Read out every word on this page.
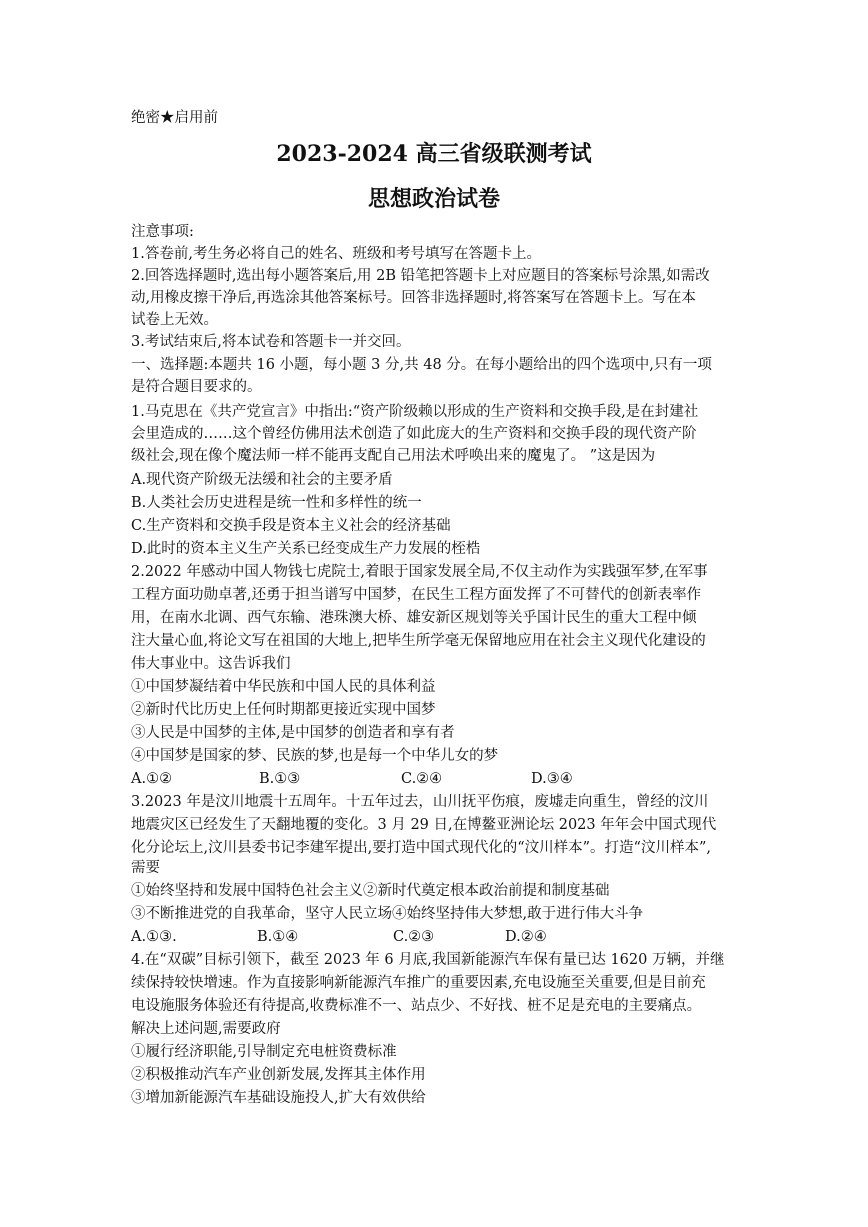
绝密★启用前
2023-2024 高三省级联测考试
思想政治试卷
注意事项:
1.答卷前,考生务必将自己的姓名、班级和考号填写在答题卡上。
2.回答选择题时,选出每小题答案后,用 2B 铅笔把答题卡上对应题目的答案标号涂黑,如需改
动,用橡皮擦干净后,再选涂其他答案标号。回答非选择题时,将答案写在答题卡上。写在本
试卷上无效。
3.考试结束后,将本试卷和答题卡一并交回。
一、选择题:本题共 16 小题，每小题 3 分,共 48 分。在每小题给出的四个选项中,只有一项
是符合题目要求的。
1.马克思在《共产党宣言》中指出:“资产阶级赖以形成的生产资料和交换手段,是在封建社
会里造成的……这个曾经仿佛用法术创造了如此庞大的生产资料和交换手段的现代资产阶
级社会,现在像个魔法师一样不能再支配自己用法术呼唤出来的魔鬼了。 ”这是因为
A.现代资产阶级无法缓和社会的主要矛盾
B.人类社会历史进程是统一性和多样性的统一
C.生产资料和交换手段是资本主义社会的经济基础
D.此时的资本主义生产关系已经变成生产力发展的桎梏
2.2022 年感动中国人物钱七虎院士,着眼于国家发展全局,不仅主动作为实践强军梦,在军事
工程方面功勋卓著,还勇于担当谱写中国梦，在民生工程方面发挥了不可替代的创新表率作
用，在南水北调、西气东输、港珠澳大桥、雄安新区规划等关乎国计民生的重大工程中倾
注大量心血,将论文写在祖国的大地上,把毕生所学毫无保留地应用在社会主义现代化建设的
伟大事业中。这告诉我们
①中国梦凝结着中华民族和中国人民的具体利益
②新时代比历史上任何时期都更接近实现中国梦
③人民是中国梦的主体,是中国梦的创造者和享有者
④中国梦是国家的梦、民族的梦,也是每一个中华儿女的梦
A.①②	B.①③	C.②④	D.③④
3.2023 年是汶川地震十五周年。十五年过去，山川抚平伤痕，废墟走向重生，曾经的汶川
地震灾区已经发生了天翻地覆的变化。3 月 29 日,在博鳌亚洲论坛 2023 年年会中国式现代
化分论坛上,汶川县委书记李建军提出,要打造中国式现代化的“汶川样本”。打造“汶川样本”,
需要
①始终坚持和发展中国特色社会主义②新时代奠定根本政治前提和制度基础
③不断推进党的自我革命，坚守人民立场④始终坚持伟大梦想,敢于进行伟大斗争
A.①③.	B.①④	C.②③	D.②④
4.在“双碳”目标引领下，截至 2023 年 6 月底,我国新能源汽车保有量已达 1620 万辆，并继
续保持较快增速。作为直接影响新能源汽车推广的重要因素,充电设施至关重要,但是目前充
电设施服务体验还有待提高,收费标准不一、站点少、不好找、桩不足是充电的主要痛点。
解决上述问题,需要政府
①履行经济职能,引导制定充电桩资费标准
②积极推动汽车产业创新发展,发挥其主体作用
③增加新能源汽车基础设施投人,扩大有效供给
